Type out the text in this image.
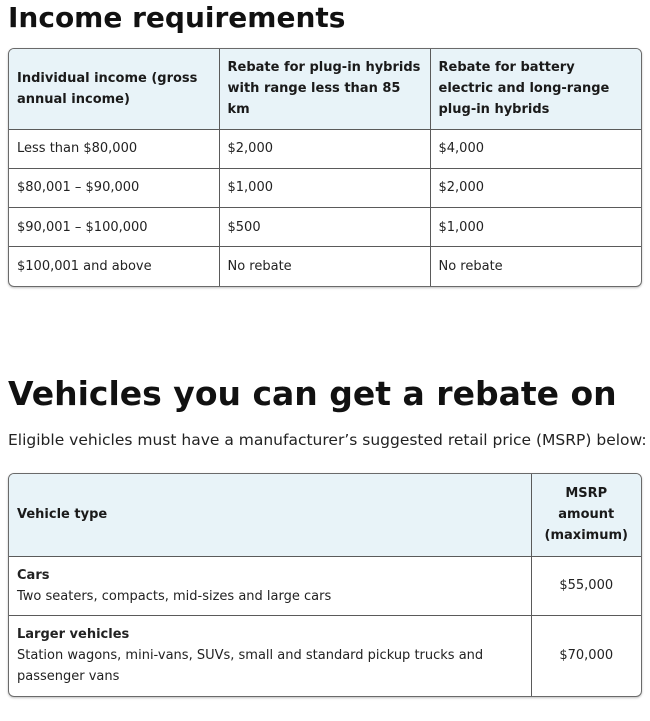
Income requirements
Individual income (gross annual income)	Rebate for plug-in hybrids with range less than 85 km	Rebate for battery electric and long-range plug-in hybrids
Less than $80,000	$2,000	$4,000
$80,001 – $90,000	$1,000	$2,000
$90,001 – $100,000	$500	$1,000
$100,001 and above	No rebate	No rebate
Vehicles you can get a rebate on

Eligible vehicles must have a manufacturer’s suggested retail price (MSRP) below:

Vehicle type	MSRP amount (maximum)

Cars
Two seaters, compacts, mid-sizes and large cars	$55,000

Larger vehicles
Station wagons, mini-vans, SUVs, small and standard pickup trucks and passenger vans	$70,000
